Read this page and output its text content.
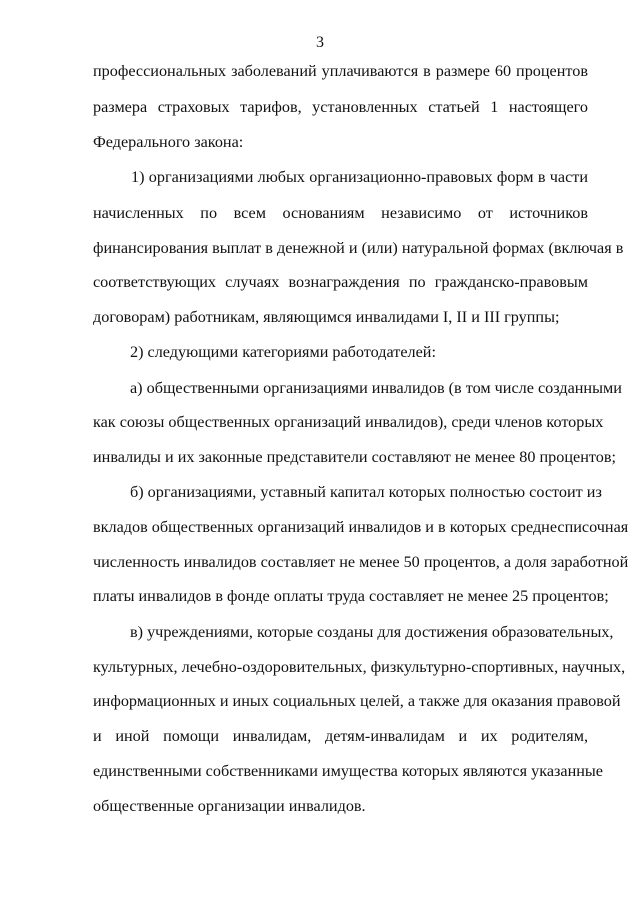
3
профессиональных заболеваний уплачиваются в размере 60 процентов
размера страховых тарифов, установленных статьей 1 настоящего
Федерального закона:
1) организациями любых организационно-правовых форм в части
начисленных по всем основаниям независимо от источников
финансирования выплат в денежной и (или) натуральной формах (включая в
соответствующих случаях вознаграждения по гражданско-правовым
договорам) работникам, являющимся инвалидами I, II и III группы;
2) следующими категориями работодателей:
а) общественными организациями инвалидов (в том числе созданными
как союзы общественных организаций инвалидов), среди членов которых
инвалиды и их законные представители составляют не менее 80 процентов;
б) организациями, уставный капитал которых полностью состоит из
вкладов общественных организаций инвалидов и в которых среднесписочная
численность инвалидов составляет не менее 50 процентов, а доля заработной
платы инвалидов в фонде оплаты труда составляет не менее 25 процентов;
в) учреждениями, которые созданы для достижения образовательных,
культурных, лечебно-оздоровительных, физкультурно-спортивных, научных,
информационных и иных социальных целей, а также для оказания правовой
и иной помощи инвалидам, детям-инвалидам и их родителям,
единственными собственниками имущества которых являются указанные
общественные организации инвалидов.
